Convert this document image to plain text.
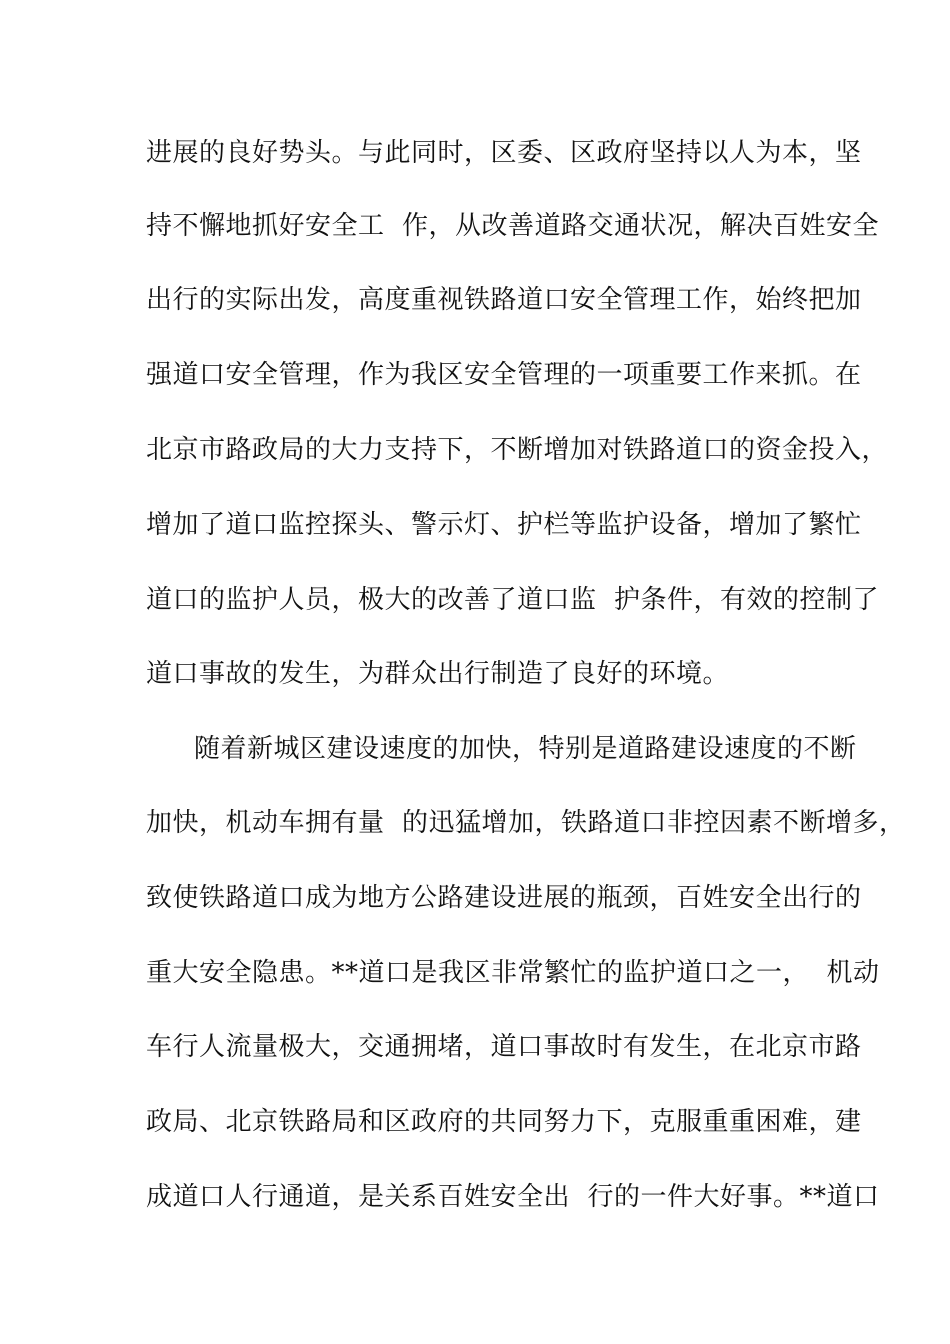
进展的良好势头。与此同时，区委、区政府坚持以人为本，坚
持不懈地抓好安全工  作，从改善道路交通状况，解决百姓安全
出行的实际出发，高度重视铁路道口安全管理工作，始终把加
强道口安全管理，作为我区安全管理的一项重要工作来抓。在
北京市路政局的大力支持下，不断增加对铁路道口的资金投入，
增加了道口监控探头、警示灯、护栏等监护设备，增加了繁忙
道口的监护人员，极大的改善了道口监  护条件，有效的控制了
道口事故的发生，为群众出行制造了良好的环境。
随着新城区建设速度的加快，特别是道路建设速度的不断
加快，机动车拥有量  的迅猛增加，铁路道口非控因素不断增多，
致使铁路道口成为地方公路建设进展的瓶颈，百姓安全出行的
重大安全隐患。**道口是我区非常繁忙的监护道口之一，  机动
车行人流量极大，交通拥堵，道口事故时有发生，在北京市路
政局、北京铁路局和区政府的共同努力下，克服重重困难，建
成道口人行通道，是关系百姓安全出  行的一件大好事。**道口
